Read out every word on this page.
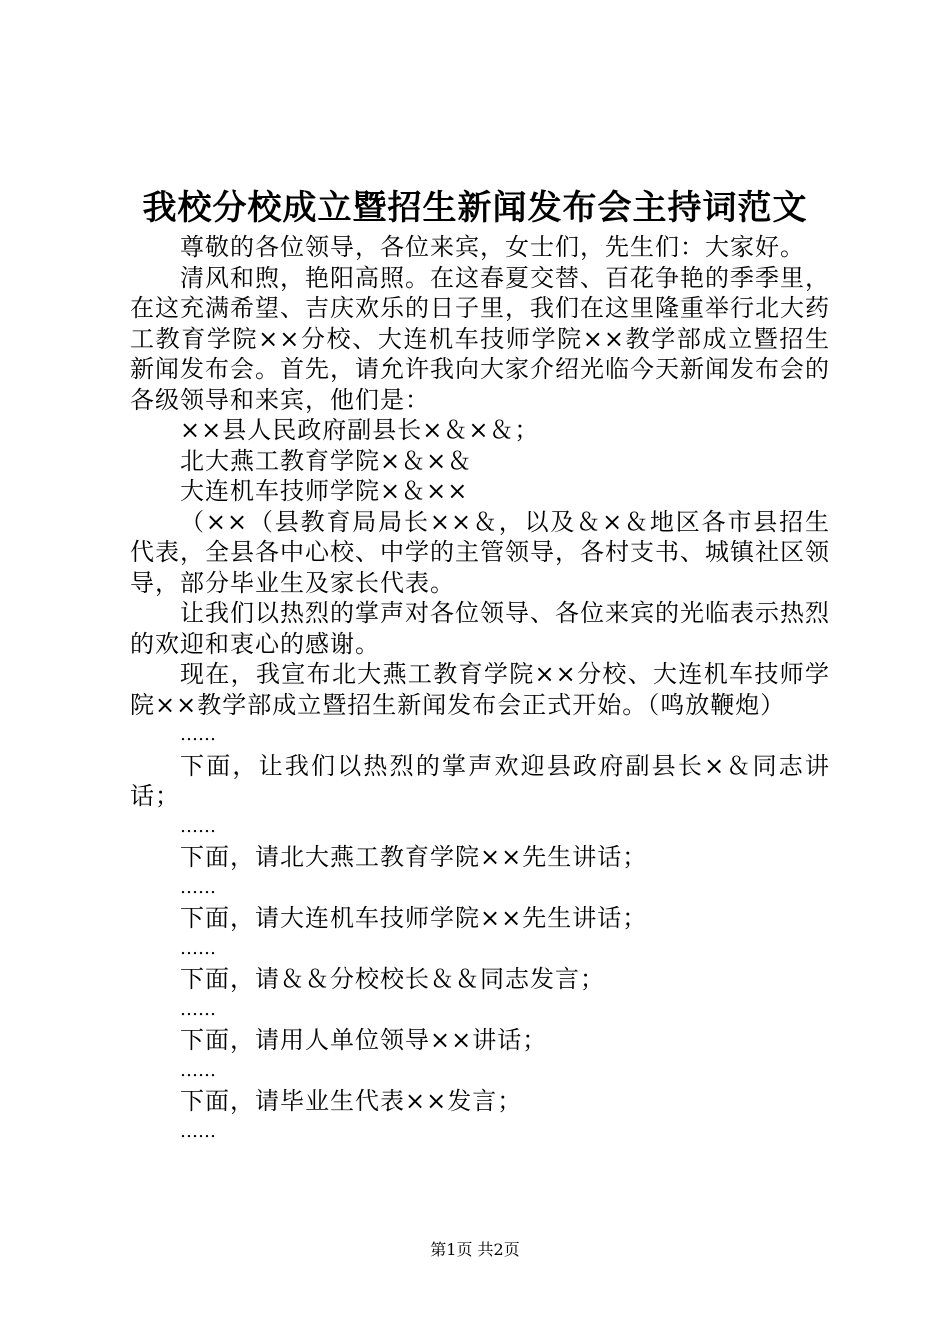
我校分校成立暨招生新闻发布会主持词范文

尊敬的各位领导，各位来宾，女士们，先生们：大家好。

清风和煦，艳阳高照。在这春夏交替、百花争艳的季季里，在这充满希望、吉庆欢乐的日子里，我们在这里隆重举行北大药工教育学院××分校、大连机车技师学院××教学部成立暨招生新闻发布会。首先，请允许我向大家介绍光临今天新闻发布会的各级领导和来宾，他们是：

××县人民政府副县长×＆×＆；

北大燕工教育学院×＆×＆

大连机车技师学院×＆××

（××（县教育局局长××＆，以及＆×＆地区各市县招生代表，全县各中心校、中学的主管领导，各村支书、城镇社区领导，部分毕业生及家长代表。

让我们以热烈的掌声对各位领导、各位来宾的光临表示热烈的欢迎和衷心的感谢。

现在，我宣布北大燕工教育学院××分校、大连机车技师学院××教学部成立暨招生新闻发布会正式开始。（鸣放鞭炮）

……

下面，让我们以热烈的掌声欢迎县政府副县长×＆同志讲话；

……

下面，请北大燕工教育学院××先生讲话；

……

下面，请大连机车技师学院××先生讲话；

……

下面，请＆＆分校校长＆＆同志发言；

……

下面，请用人单位领导××讲话；

……

下面，请毕业生代表××发言；

……

第1页 共2页
